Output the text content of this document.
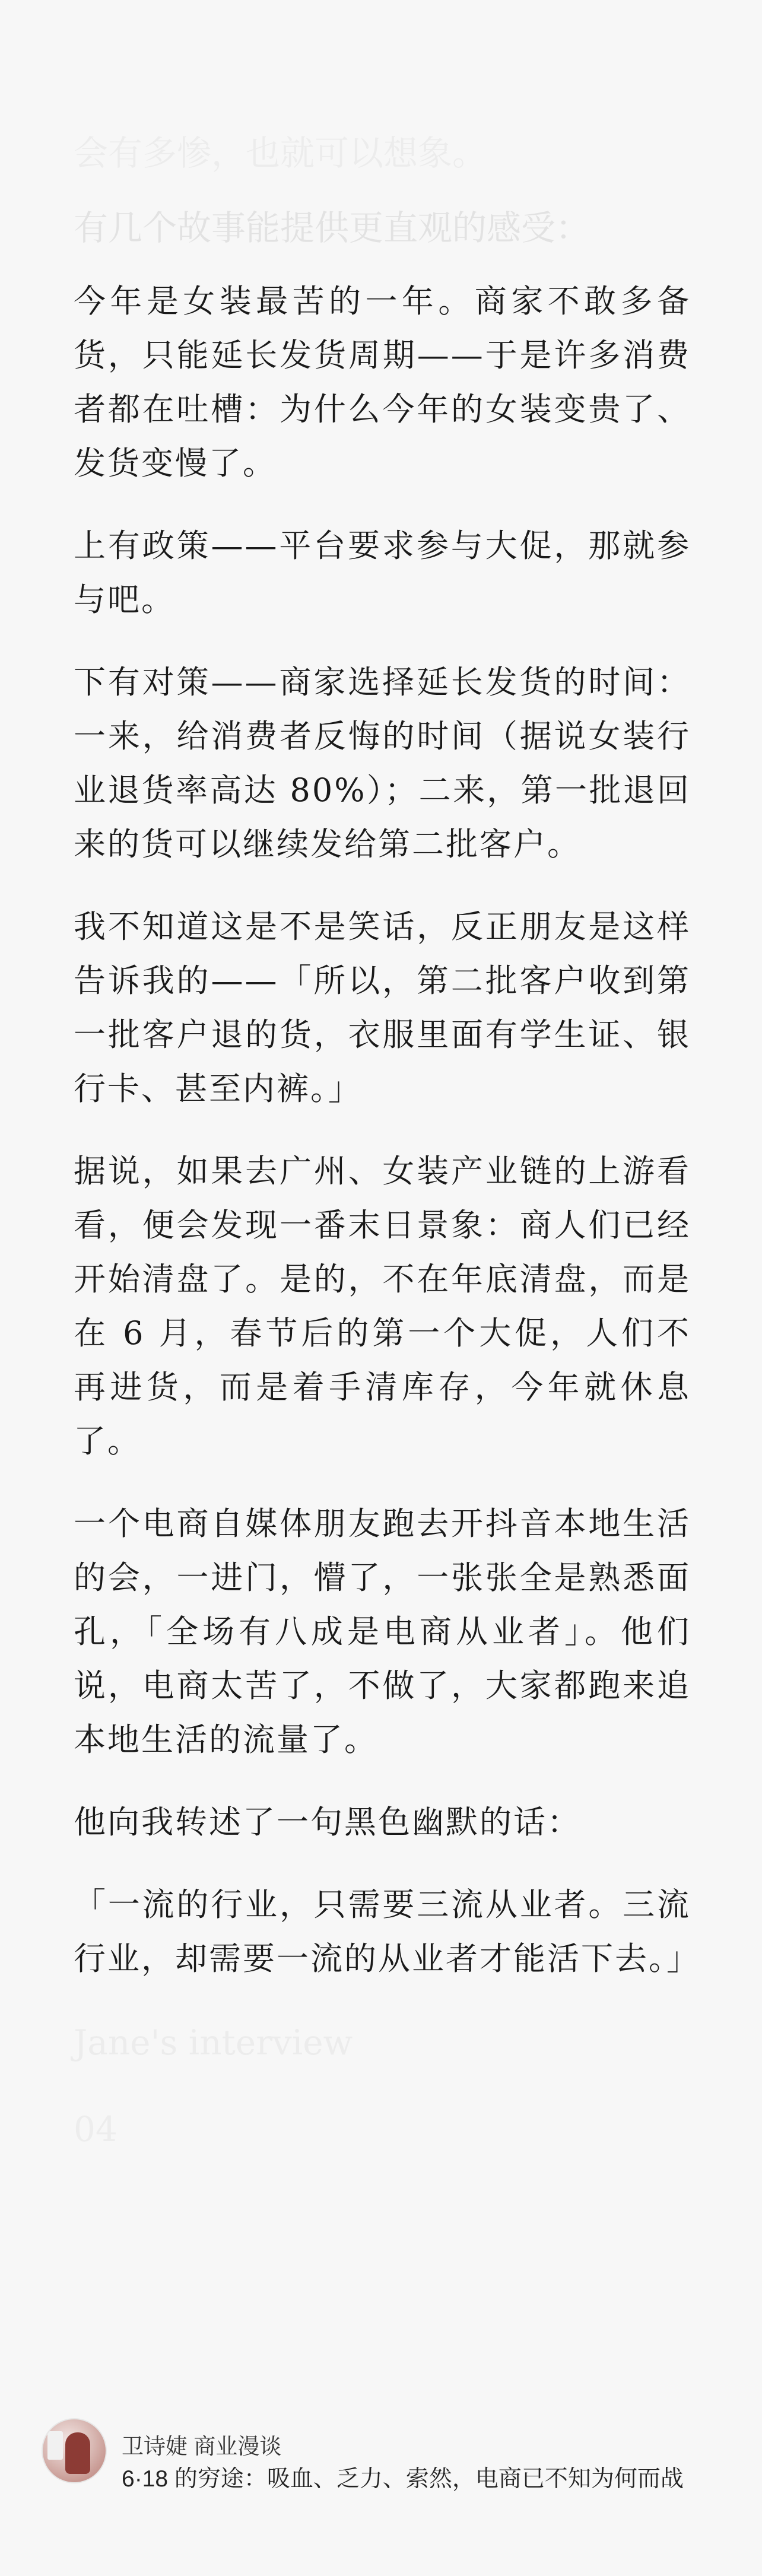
会有多惨，也就可以想象。

有几个故事能提供更直观的感受：

今年是女装最苦的一年。商家不敢多备货，只能延长发货周期——于是许多消费者都在吐槽：为什么今年的女装变贵了、发货变慢了。

上有政策——平台要求参与大促，那就参与吧。

下有对策——商家选择延长发货的时间：一来，给消费者反悔的时间（据说女装行业退货率高达 80%）；二来，第一批退回来的货可以继续发给第二批客户。

我不知道这是不是笑话，反正朋友是这样告诉我的——「所以，第二批客户收到第一批客户退的货，衣服里面有学生证、银行卡、甚至内裤。」

据说，如果去广州、女装产业链的上游看看，便会发现一番末日景象：商人们已经开始清盘了。是的，不在年底清盘，而是在 6 月，春节后的第一个大促，人们不再进货，而是着手清库存，今年就休息了。

一个电商自媒体朋友跑去开抖音本地生活的会，一进门，懵了，一张张全是熟悉面孔，「全场有八成是电商从业者」。他们说，电商太苦了，不做了，大家都跑来追本地生活的流量了。

他向我转述了一句黑色幽默的话：

「一流的行业，只需要三流从业者。三流行业，却需要一流的从业者才能活下去。」

Jane's interview

04

卫诗婕 商业漫谈
6·18 的穷途：吸血、乏力、索然，电商已不知为何而战
